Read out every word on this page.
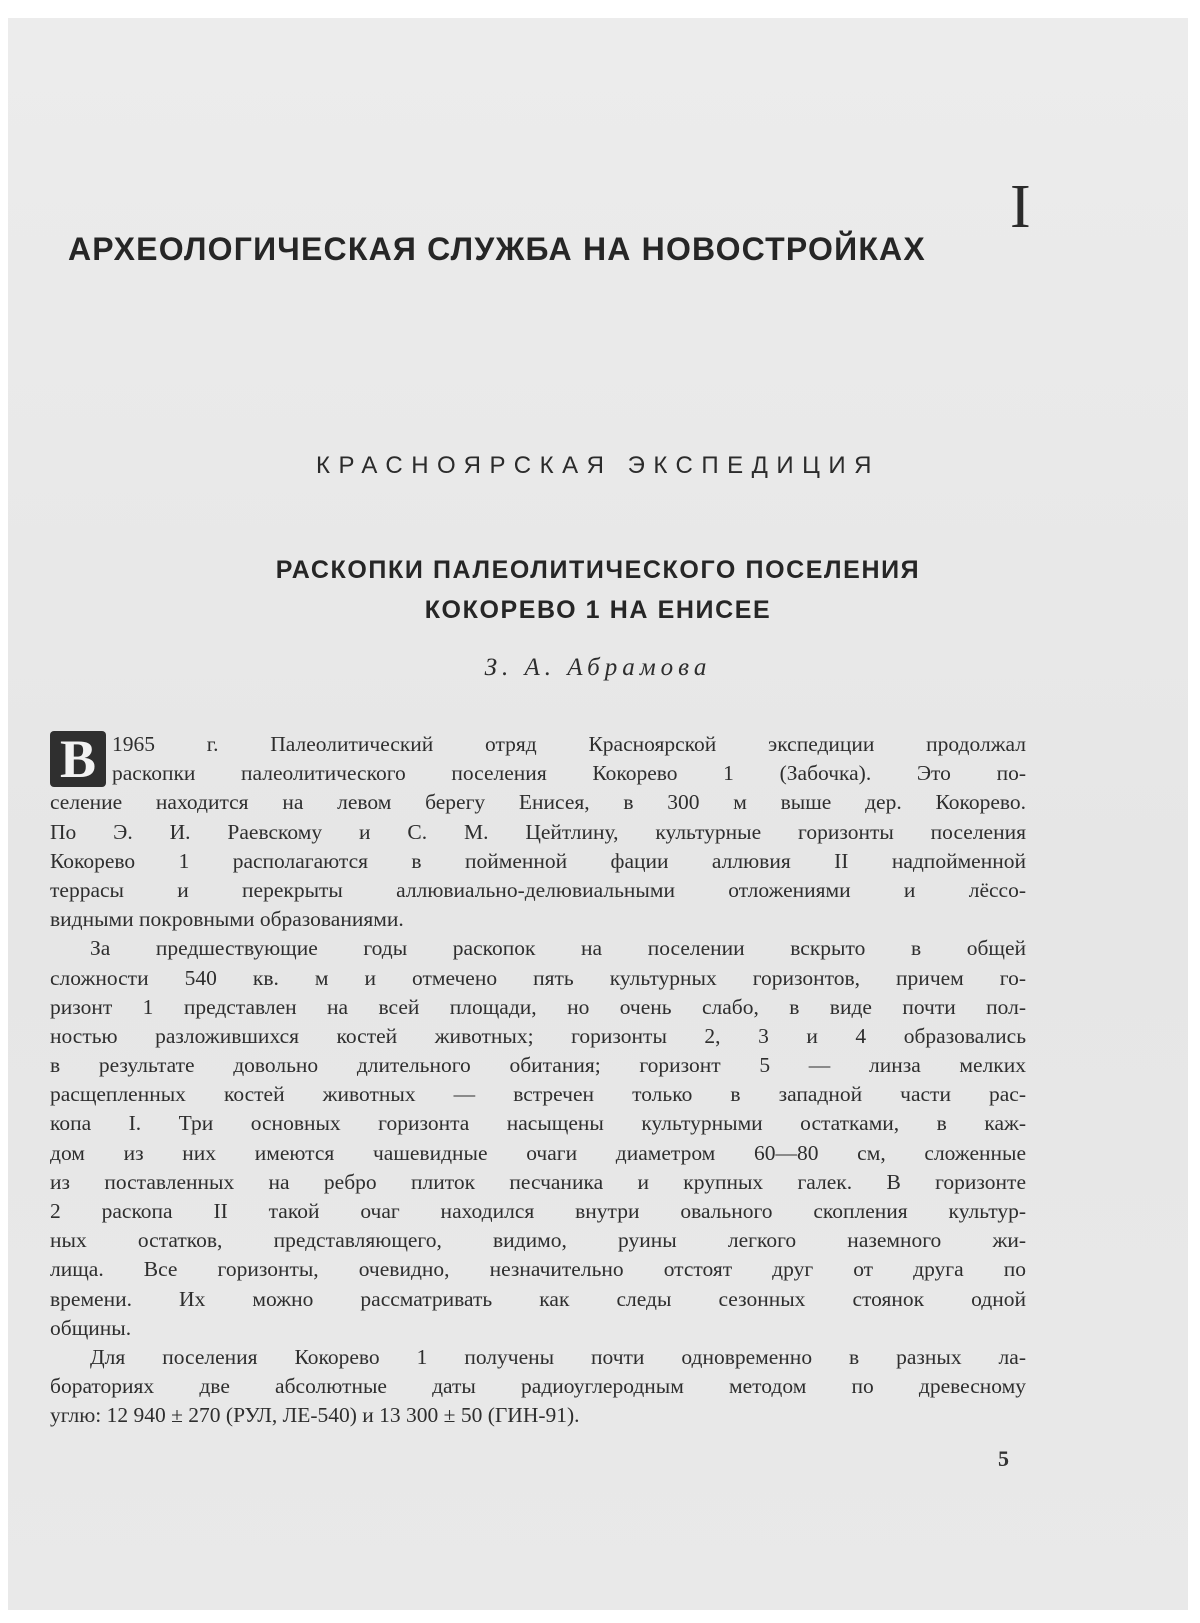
I
АРХЕОЛОГИЧЕСКАЯ СЛУЖБА НА НОВОСТРОЙКАХ
КРАСНОЯРСКАЯ ЭКСПЕДИЦИЯ
РАСКОПКИ ПАЛЕОЛИТИЧЕСКОГО ПОСЕЛЕНИЯ
КОКОРЕВО 1 НА ЕНИСЕЕ
З. А. Абрамова
В 1965 г. Палеолитический отряд Красноярской экспедиции продолжал
раскопки палеолитического поселения Кокорево 1 (Забочка). Это по-
селение находится на левом берегу Енисея, в 300 м выше дер. Кокорево.
По Э. И. Раевскому и С. М. Цейтлину, культурные горизонты поселения
Кокорево 1 располагаются в пойменной фации аллювия II надпойменной
террасы и перекрыты аллювиально-делювиальными отложениями и лёссо-
видными покровными образованиями.
За предшествующие годы раскопок на поселении вскрыто в общей
сложности 540 кв. м и отмечено пять культурных горизонтов, причем го-
ризонт 1 представлен на всей площади, но очень слабо, в виде почти пол-
ностью разложившихся костей животных; горизонты 2, 3 и 4 образовались
в результате довольно длительного обитания; горизонт 5 — линза мелких
расщепленных костей животных — встречен только в западной части рас-
копа I. Три основных горизонта насыщены культурными остатками, в каж-
дом из них имеются чашевидные очаги диаметром 60—80 см, сложенные
из поставленных на ребро плиток песчаника и крупных галек. В горизонте
2 раскопа II такой очаг находился внутри овального скопления культур-
ных остатков, представляющего, видимо, руины легкого наземного жи-
лища. Все горизонты, очевидно, незначительно отстоят друг от друга по
времени. Их можно рассматривать как следы сезонных стоянок одной
общины.
Для поселения Кокорево 1 получены почти одновременно в разных ла-
бораториях две абсолютные даты радиоуглеродным методом по древесному
углю: 12 940 ± 270 (РУЛ, ЛЕ-540) и 13 300 ± 50 (ГИН-91).
5
